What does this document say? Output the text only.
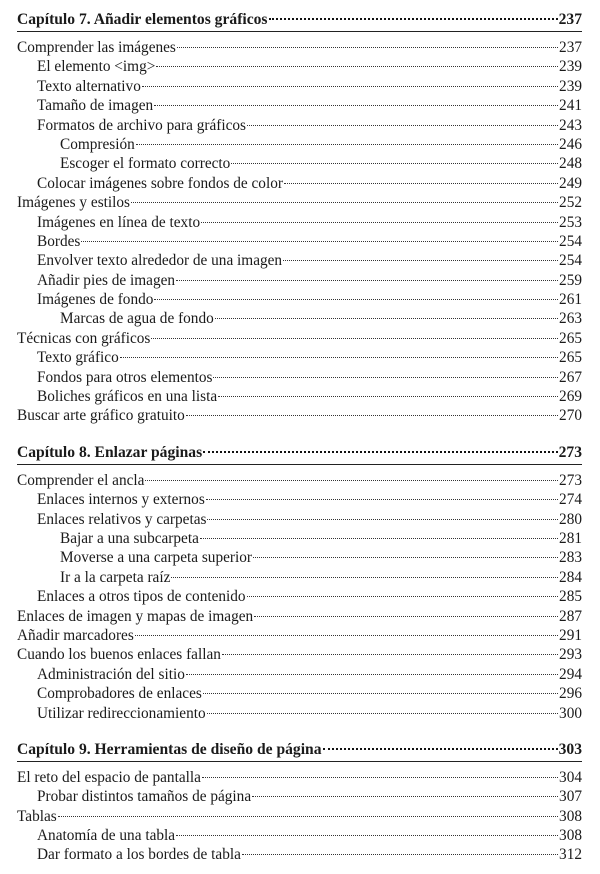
Capítulo 7. Añadir elementos gráficos	237
Comprender las imágenes	237
El elemento <img>	239
Texto alternativo	239
Tamaño de imagen	241
Formatos de archivo para gráficos	243
Compresión	246
Escoger el formato correcto	248
Colocar imágenes sobre fondos de color	249
Imágenes y estilos	252
Imágenes en línea de texto	253
Bordes	254
Envolver texto alrededor de una imagen	254
Añadir pies de imagen	259
Imágenes de fondo	261
Marcas de agua de fondo	263
Técnicas con gráficos	265
Texto gráfico	265
Fondos para otros elementos	267
Boliches gráficos en una lista	269
Buscar arte gráfico gratuito	270
Capítulo 8. Enlazar páginas	273
Comprender el ancla	273
Enlaces internos y externos	274
Enlaces relativos y carpetas	280
Bajar a una subcarpeta	281
Moverse a una carpeta superior	283
Ir a la carpeta raíz	284
Enlaces a otros tipos de contenido	285
Enlaces de imagen y mapas de imagen	287
Añadir marcadores	291
Cuando los buenos enlaces fallan	293
Administración del sitio	294
Comprobadores de enlaces	296
Utilizar redireccionamiento	300
Capítulo 9. Herramientas de diseño de página	303
El reto del espacio de pantalla	304
Probar distintos tamaños de página	307
Tablas	308
Anatomía de una tabla	308
Dar formato a los bordes de tabla	312
